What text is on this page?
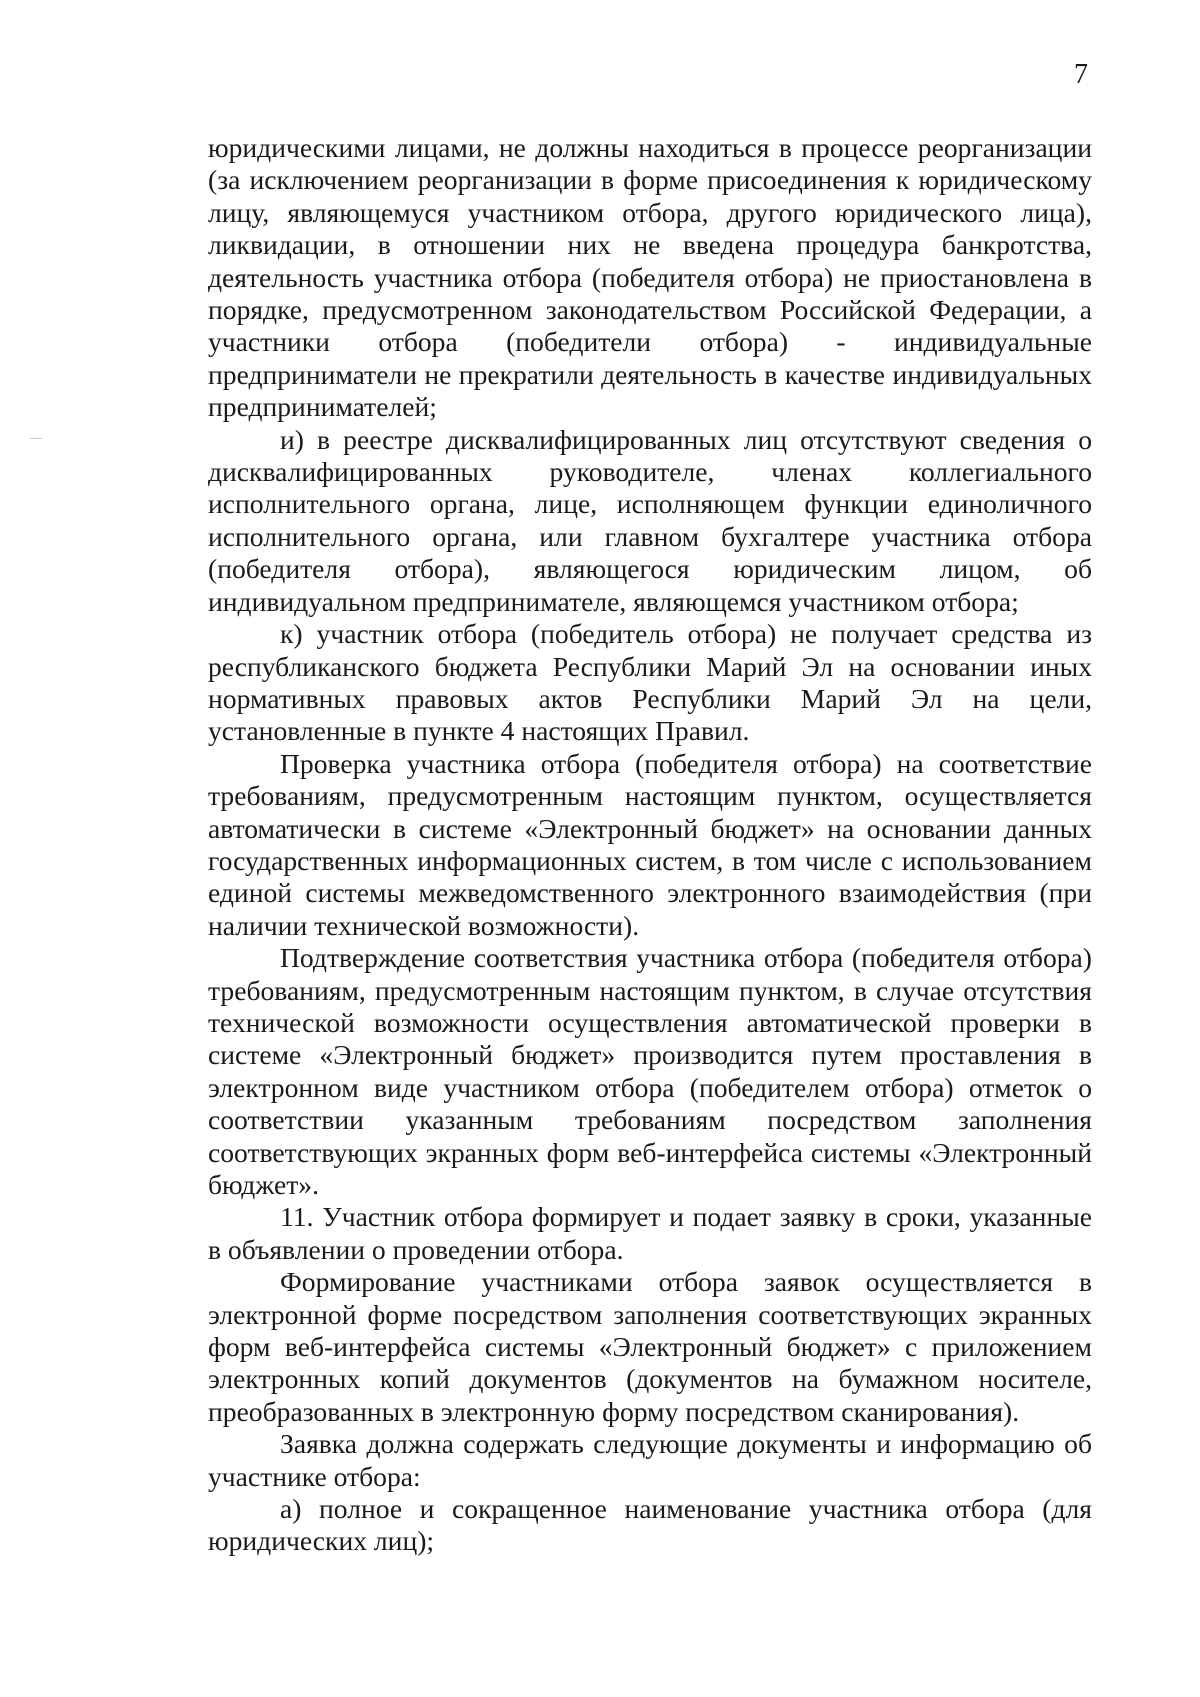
7

юридическими лицами, не должны находиться в процессе реорганизации (за исключением реорганизации в форме присоединения к юридическому лицу, являющемуся участником отбора, другого юридического лица), ликвидации, в отношении них не введена процедура банкротства, деятельность участника отбора (победителя отбора) не приостановлена в порядке, предусмотренном законодательством Российской Федерации, а участники отбора (победители отбора) - индивидуальные предприниматели не прекратили деятельность в качестве индивидуальных предпринимателей;

и) в реестре дисквалифицированных лиц отсутствуют сведения о дисквалифицированных руководителе, членах коллегиального исполнительного органа, лице, исполняющем функции единоличного исполнительного органа, или главном бухгалтере участника отбора (победителя отбора), являющегося юридическим лицом, об индивидуальном предпринимателе, являющемся участником отбора;

к) участник отбора (победитель отбора) не получает средства из республиканского бюджета Республики Марий Эл на основании иных нормативных правовых актов Республики Марий Эл на цели, установленные в пункте 4 настоящих Правил.

Проверка участника отбора (победителя отбора) на соответствие требованиям, предусмотренным настоящим пунктом, осуществляется автоматически в системе «Электронный бюджет» на основании данных государственных информационных систем, в том числе с использованием единой системы межведомственного электронного взаимодействия (при наличии технической возможности).

Подтверждение соответствия участника отбора (победителя отбора) требованиям, предусмотренным настоящим пунктом, в случае отсутствия технической возможности осуществления автоматической проверки в системе «Электронный бюджет» производится путем проставления в электронном виде участником отбора (победителем отбора) отметок о соответствии указанным требованиям посредством заполнения соответствующих экранных форм веб-интерфейса системы «Электронный бюджет».

11. Участник отбора формирует и подает заявку в сроки, указанные в объявлении о проведении отбора.

Формирование участниками отбора заявок осуществляется в электронной форме посредством заполнения соответствующих экранных форм веб-интерфейса системы «Электронный бюджет» с приложением электронных копий документов (документов на бумажном носителе, преобразованных в электронную форму посредством сканирования).

Заявка должна содержать следующие документы и информацию об участнике отбора:

а) полное и сокращенное наименование участника отбора (для юридических лиц);
